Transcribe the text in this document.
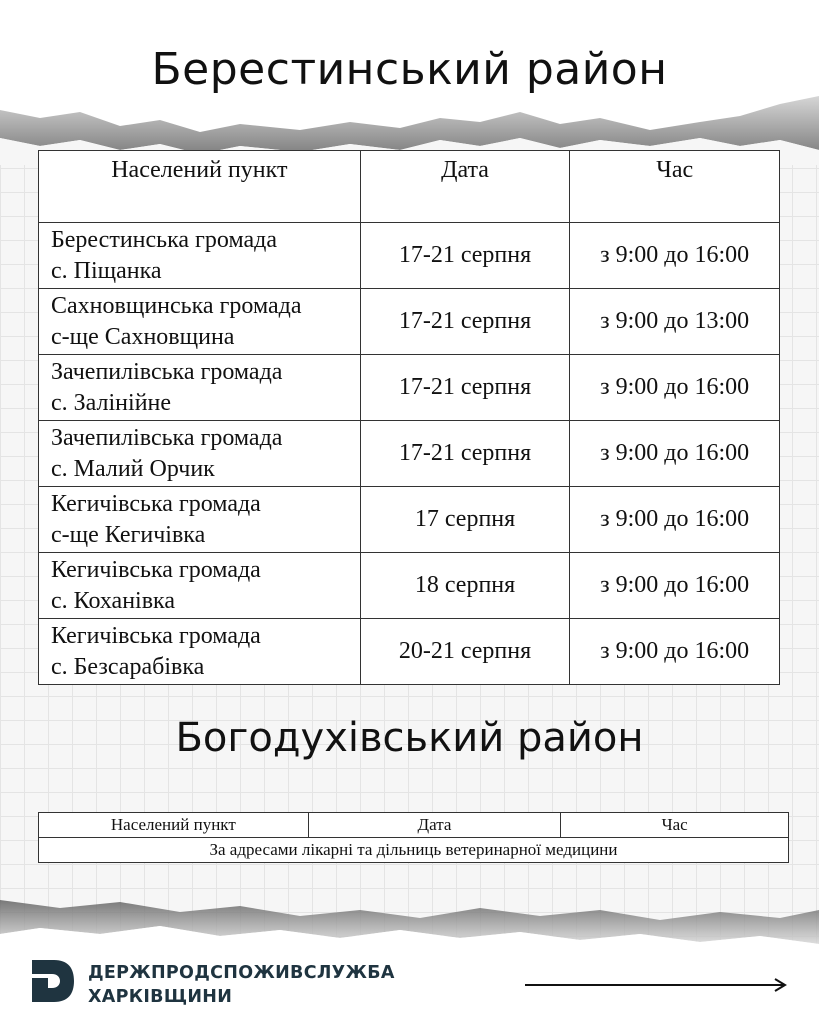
Берестинський район
Населений пункт	Дата	Час
Берестинська громада
с. Піщанка	17-21 серпня	з 9:00 до 16:00
Сахновщинська громада
с-ще Сахновщина	17-21 серпня	з 9:00 до 13:00
Зачепилівська громада
с. Залінійне	17-21 серпня	з 9:00 до 16:00
Зачепилівська громада
с. Малий Орчик	17-21 серпня	з 9:00 до 16:00
Кегичівська громада
с-ще Кегичівка	17 серпня	з 9:00 до 16:00
Кегичівська громада
с. Коханівка	18 серпня	з 9:00 до 16:00
Кегичівська громада
с. Безсарабівка	20-21 серпня	з 9:00 до 16:00
Богодухівський район
Населений пункт	Дата	Час
За адресами лікарні та дільниць ветеринарної медицини
ДЕРЖПРОДСПОЖИВСЛУЖБА
ХАРКІВЩИНИ
